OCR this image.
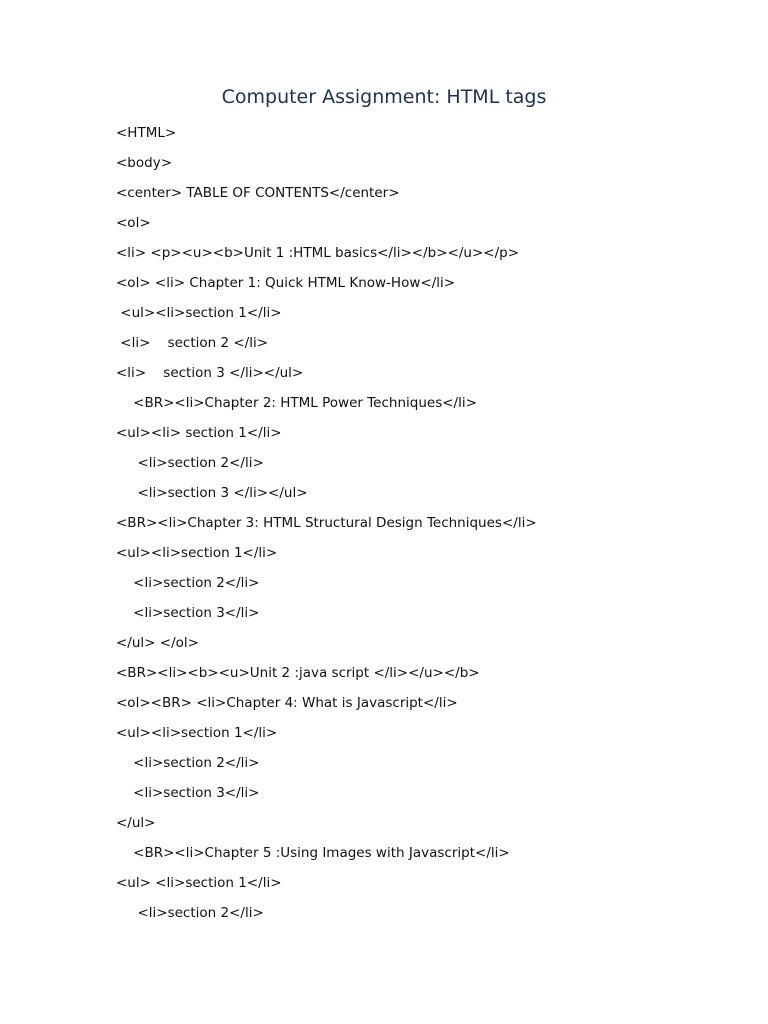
Computer Assignment: HTML tags
<HTML>
<body>
<center> TABLE OF CONTENTS</center>
<ol>
<li> <p><u><b>Unit 1 :HTML basics</li></b></u></p>
<ol> <li> Chapter 1: Quick HTML Know-How</li>
<ul><li>section 1</li>
<li>    section 2 </li>
<li>    section 3 </li></ul>
<BR><li>Chapter 2: HTML Power Techniques</li>
<ul><li> section 1</li>
<li>section 2</li>
<li>section 3 </li></ul>
<BR><li>Chapter 3: HTML Structural Design Techniques</li>
<ul><li>section 1</li>
<li>section 2</li>
<li>section 3</li>
</ul> </ol>
<BR><li><b><u>Unit 2 :java script </li></u></b>
<ol><BR> <li>Chapter 4: What is Javascript</li>
<ul><li>section 1</li>
<li>section 2</li>
<li>section 3</li>
</ul>
<BR><li>Chapter 5 :Using Images with Javascript</li>
<ul> <li>section 1</li>
<li>section 2</li>
